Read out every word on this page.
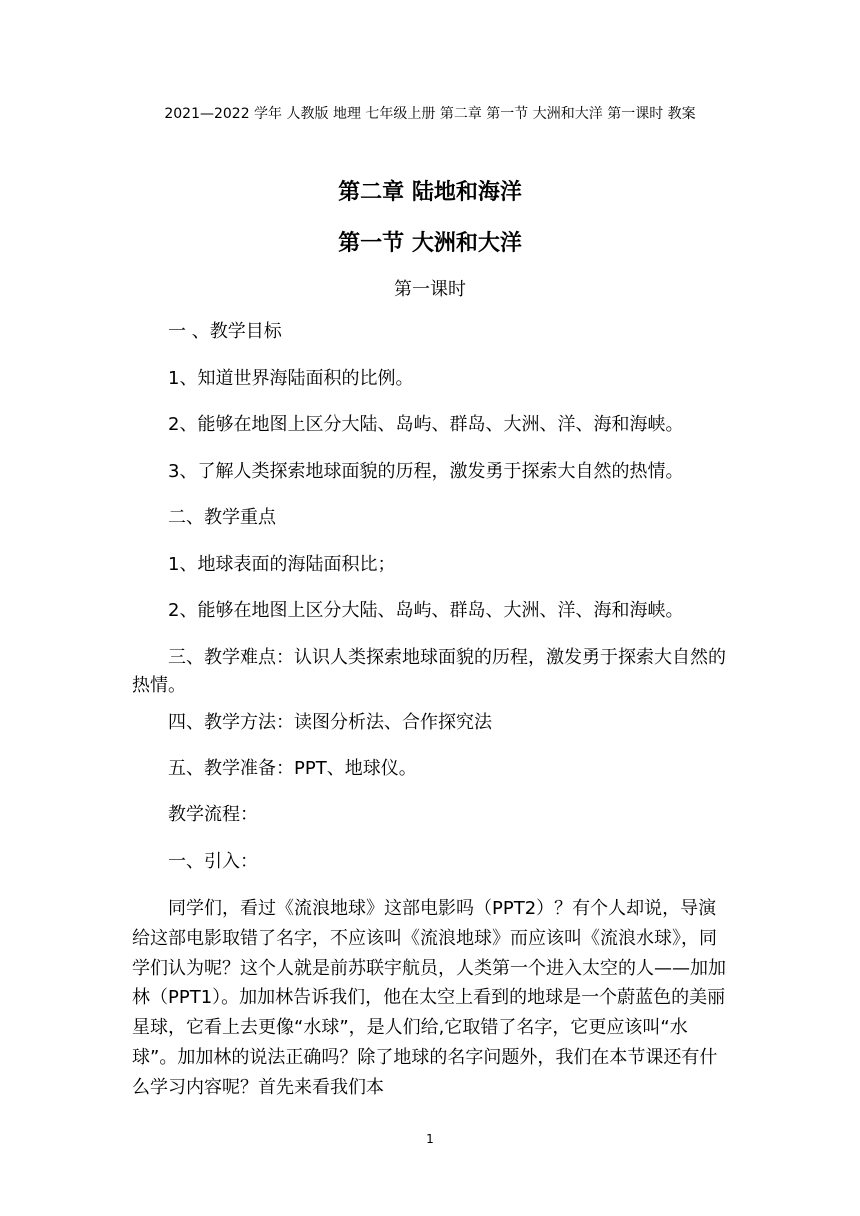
2021—2022 学年 人教版 地理 七年级上册 第二章 第一节 大洲和大洋 第一课时 教案
第二章 陆地和海洋
第一节 大洲和大洋
第一课时

一 、教学目标

1、知道世界海陆面积的比例。

2、能够在地图上区分大陆、岛屿、群岛、大洲、洋、海和海峡。

3、了解人类探索地球面貌的历程，激发勇于探索大自然的热情。

二、教学重点

1、地球表面的海陆面积比；

2、能够在地图上区分大陆、岛屿、群岛、大洲、洋、海和海峡。

三、教学难点：认识人类探索地球面貌的历程，激发勇于探索大自然的热情。

四、教学方法：读图分析法、合作探究法

五、教学准备：PPT、地球仪。

教学流程：

一、引入：

同学们，看过《流浪地球》这部电影吗（PPT2）？有个人却说，导演给这部电影取错了名字，不应该叫《流浪地球》而应该叫《流浪水球》，同学们认为呢？这个人就是前苏联宇航员，人类第一个进入太空的人——加加林（PPT1）。加加林告诉我们，他在太空上看到的地球是一个蔚蓝色的美丽星球，它看上去更像“水球”，是人们给,它取错了名字，它更应该叫“水球”。加加林的说法正确吗？除了地球的名字问题外，我们在本节课还有什么学习内容呢？首先来看我们本

1
